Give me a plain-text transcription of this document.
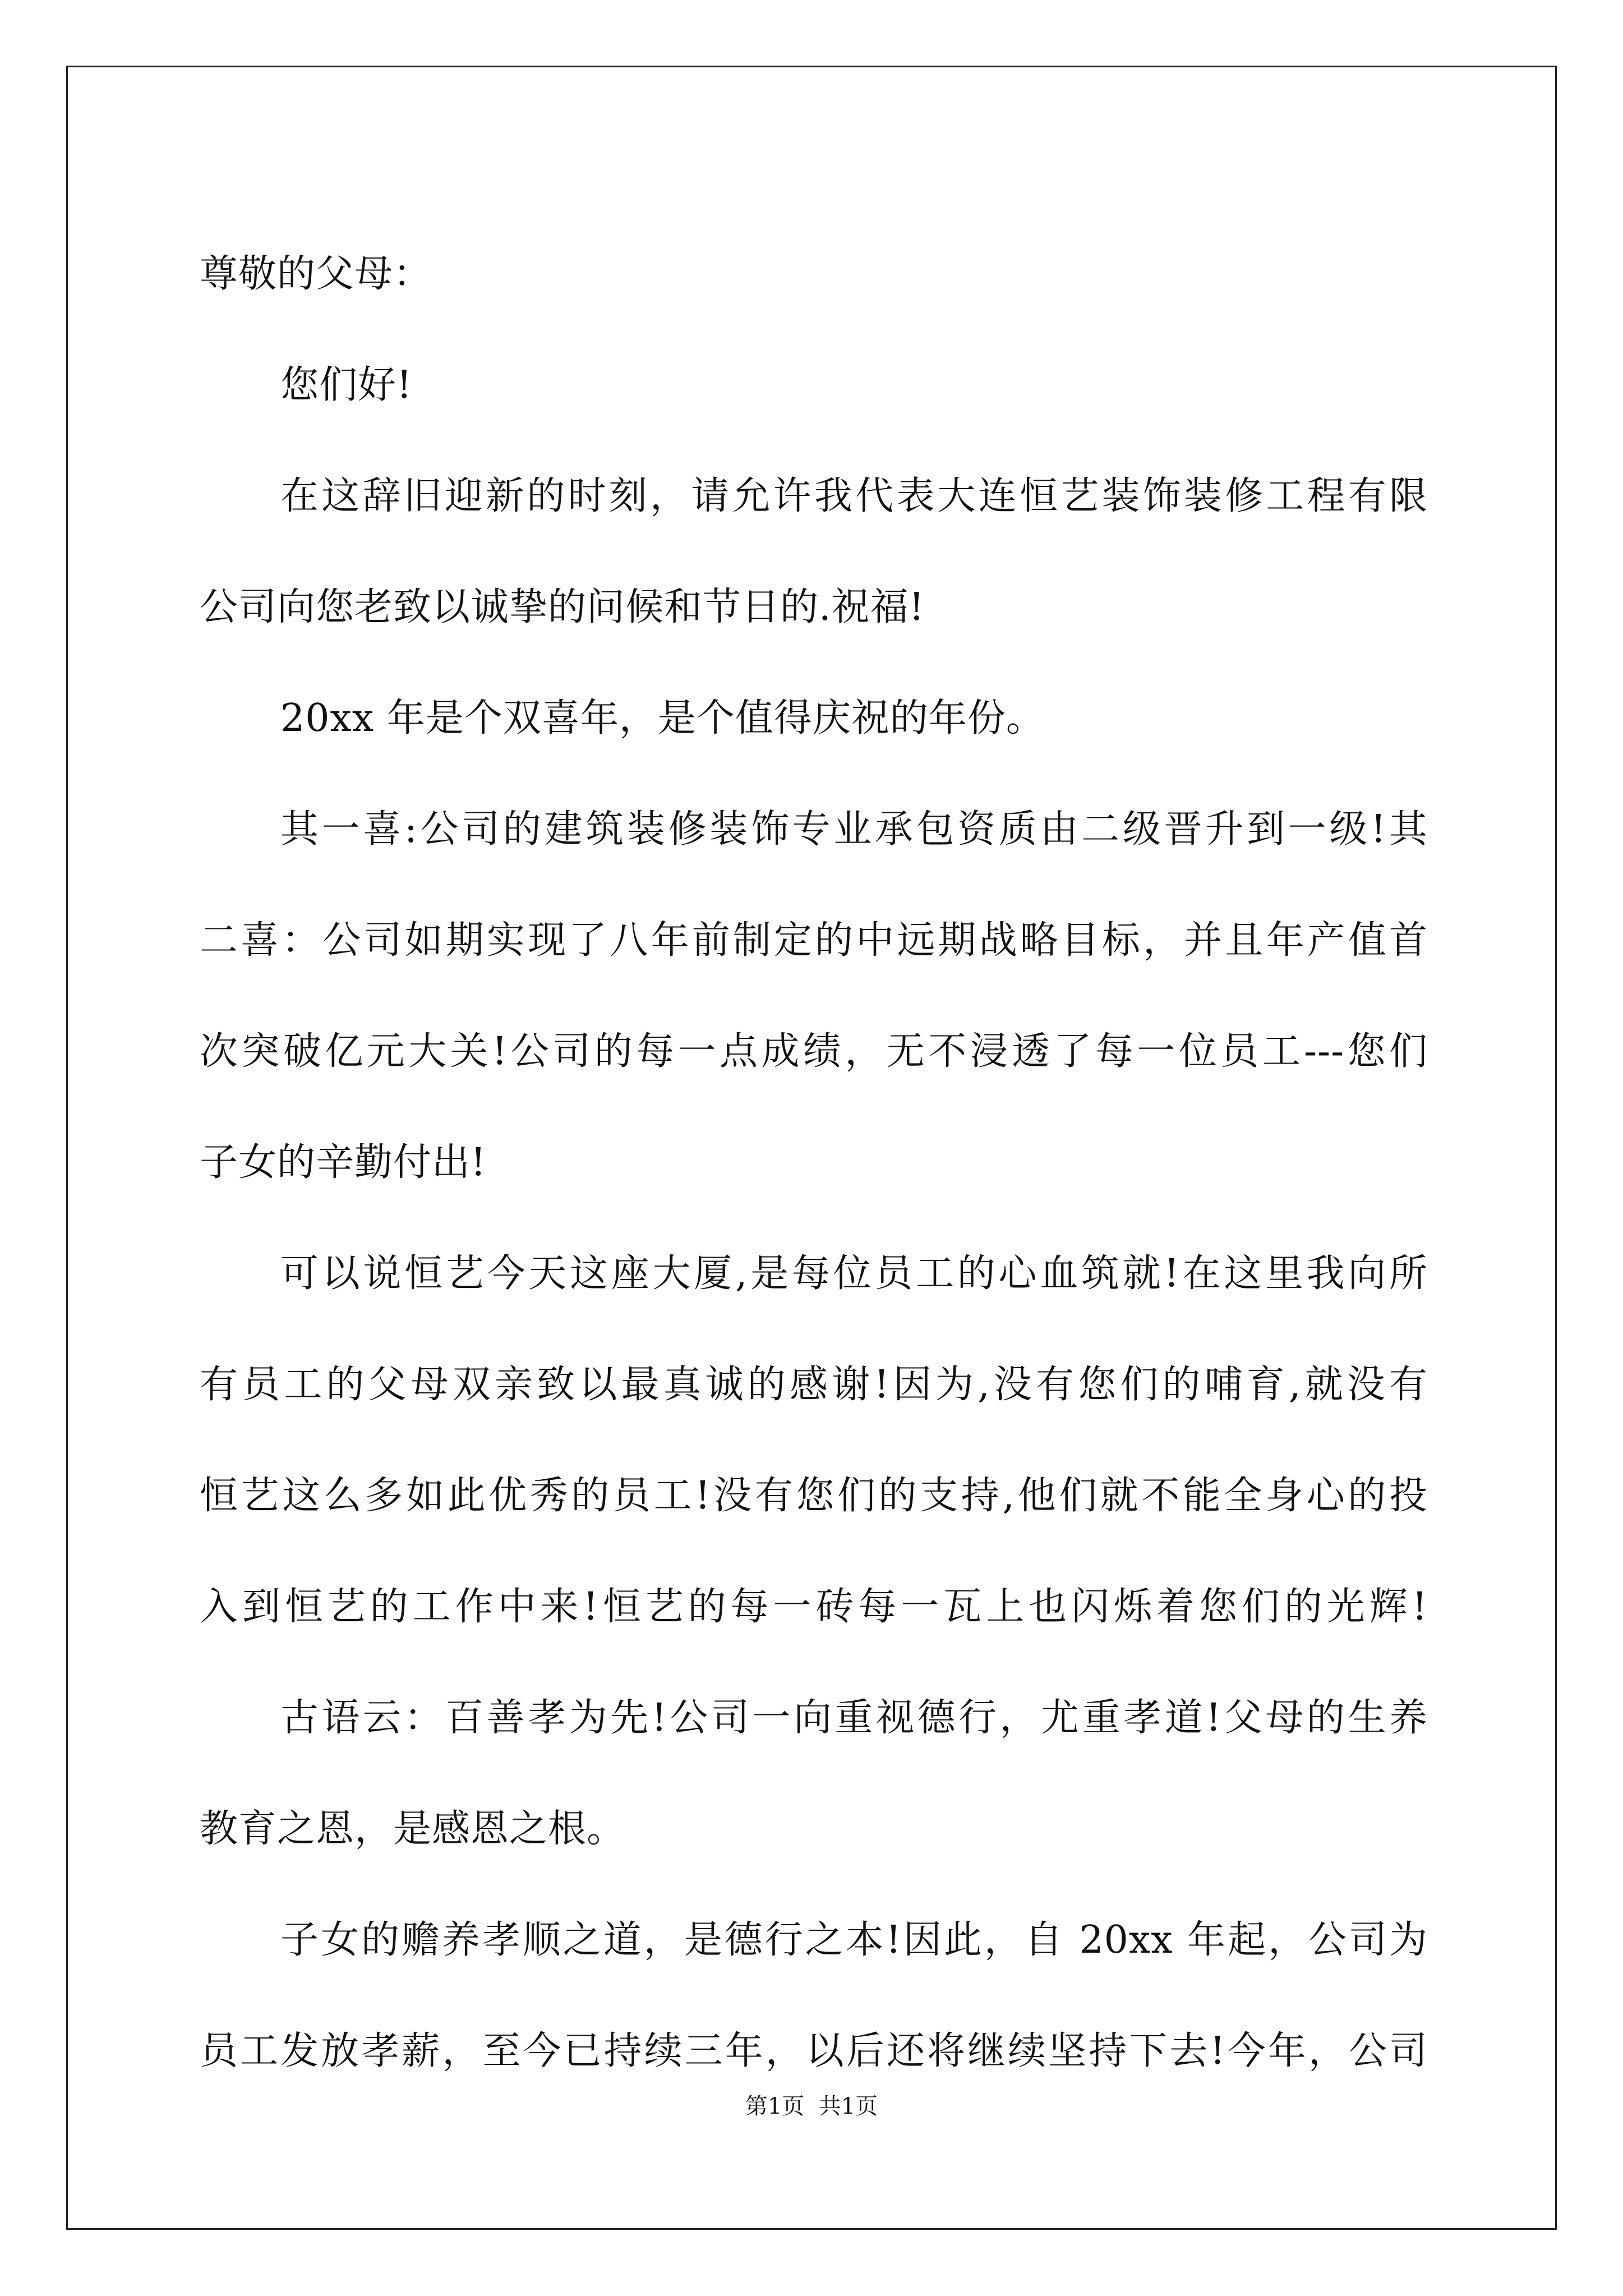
尊敬的父母：
您们好!
在这辞旧迎新的时刻，请允许我代表大连恒艺装饰装修工程有限
公司向您老致以诚挚的问候和节日的.祝福!
20xx 年是个双喜年，是个值得庆祝的年份。
其一喜:公司的建筑装修装饰专业承包资质由二级晋升到一级!其
二喜：公司如期实现了八年前制定的中远期战略目标，并且年产值首
次突破亿元大关!公司的每一点成绩，无不浸透了每一位员工---您们
子女的辛勤付出!
可以说恒艺今天这座大厦,是每位员工的心血筑就!在这里我向所
有员工的父母双亲致以最真诚的感谢!因为,没有您们的哺育,就没有
恒艺这么多如此优秀的员工!没有您们的支持,他们就不能全身心的投
入到恒艺的工作中来!恒艺的每一砖每一瓦上也闪烁着您们的光辉!
古语云：百善孝为先!公司一向重视德行，尤重孝道!父母的生养
教育之恩，是感恩之根。
子女的赡养孝顺之道，是德行之本!因此，自 20xx 年起，公司为
员工发放孝薪，至今已持续三年，以后还将继续坚持下去!今年，公司
第1页  共1页
